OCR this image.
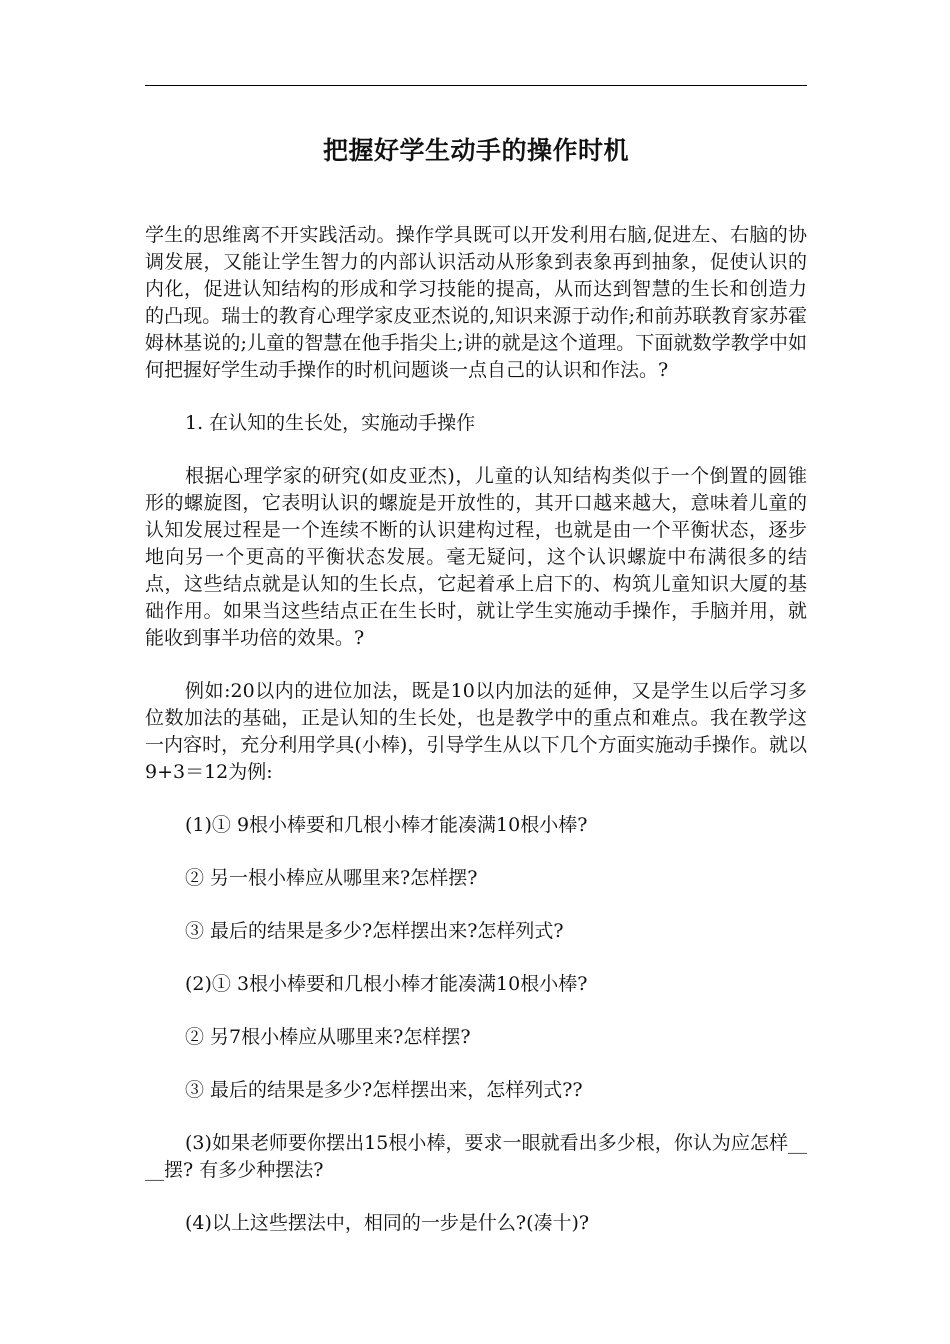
把握好学生动手的操作时机

学生的思维离不开实践活动。操作学具既可以开发利用右脑,促进左、右脑的协调发展，又能让学生智力的内部认识活动从形象到表象再到抽象，促使认识的内化，促进认知结构的形成和学习技能的提高，从而达到智慧的生长和创造力的凸现。瑞士的教育心理学家皮亚杰说的,知识来源于动作;和前苏联教育家苏霍姆林基说的;儿童的智慧在他手指尖上;讲的就是这个道理。下面就数学教学中如何把握好学生动手操作的时机问题谈一点自己的认识和作法。?

1. 在认知的生长处，实施动手操作

根据心理学家的研究(如皮亚杰)，儿童的认知结构类似于一个倒置的圆锥形的螺旋图，它表明认识的螺旋是开放性的，其开口越来越大，意味着儿童的认知发展过程是一个连续不断的认识建构过程，也就是由一个平衡状态，逐步地向另一个更高的平衡状态发展。毫无疑问，这个认识螺旋中布满很多的结点，这些结点就是认知的生长点，它起着承上启下的、构筑儿童知识大厦的基础作用。如果当这些结点正在生长时，就让学生实施动手操作，手脑并用，就能收到事半功倍的效果。?

例如:20以内的进位加法，既是10以内加法的延伸，又是学生以后学习多位数加法的基础，正是认知的生长处，也是教学中的重点和难点。我在教学这一内容时，充分利用学具(小棒)，引导学生从以下几个方面实施动手操作。就以9+3＝12为例:

(1)① 9根小棒要和几根小棒才能凑满10根小棒?

② 另一根小棒应从哪里来?怎样摆?

③ 最后的结果是多少?怎样摆出来?怎样列式?

(2)① 3根小棒要和几根小棒才能凑满10根小棒?

② 另7根小棒应从哪里来?怎样摆?

③ 最后的结果是多少?怎样摆出来，怎样列式??

(3)如果老师要你摆出15根小棒，要求一眼就看出多少根，你认为应怎样____摆? 有多少种摆法?

(4)以上这些摆法中，相同的一步是什么?(凑十)?
